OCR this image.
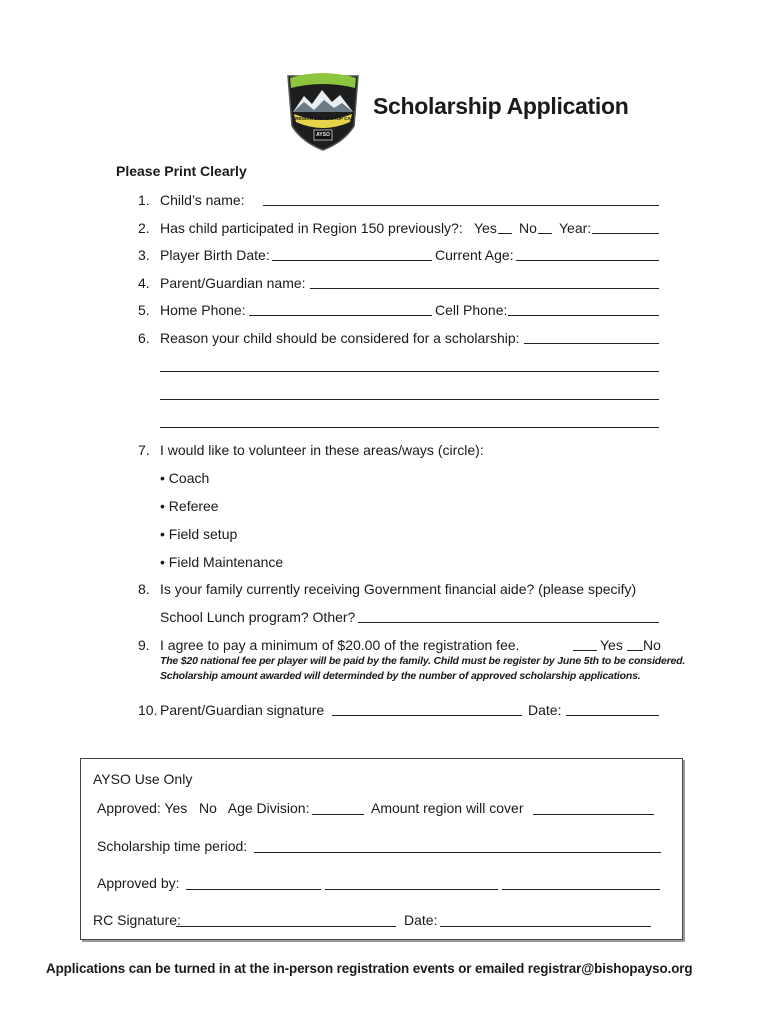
REGION 150 · BISHOP CA
AYSO
Scholarship Application
Please Print Clearly
1. Child’s name:
2. Has child participated in Region 150 previously?: Yes No Year:
3. Player Birth Date:	Current Age:
4. Parent/Guardian name:
5. Home Phone:	Cell Phone:
6. Reason your child should be considered for a scholarship:
7. I would like to volunteer in these areas/ways (circle):
• Coach
• Referee
• Field setup
• Field Maintenance
8. Is your family currently receiving Government financial aide? (please specify)
School Lunch program? Other?
9. I agree to pay a minimum of $20.00 of the registration fee.	Yes No
The $20 national fee per player will be paid by the family. Child must be register by June 5th to be considered.
Scholarship amount awarded will determinded by the number of approved scholarship applications.
10. Parent/Guardian signature	Date:
AYSO Use Only
Approved: Yes   No   Age Division:	Amount region will cover
Scholarship time period:
Approved by:
RC Signature:	Date:
Applications can be turned in at the in-person registration events or emailed registrar@bishopayso.org
